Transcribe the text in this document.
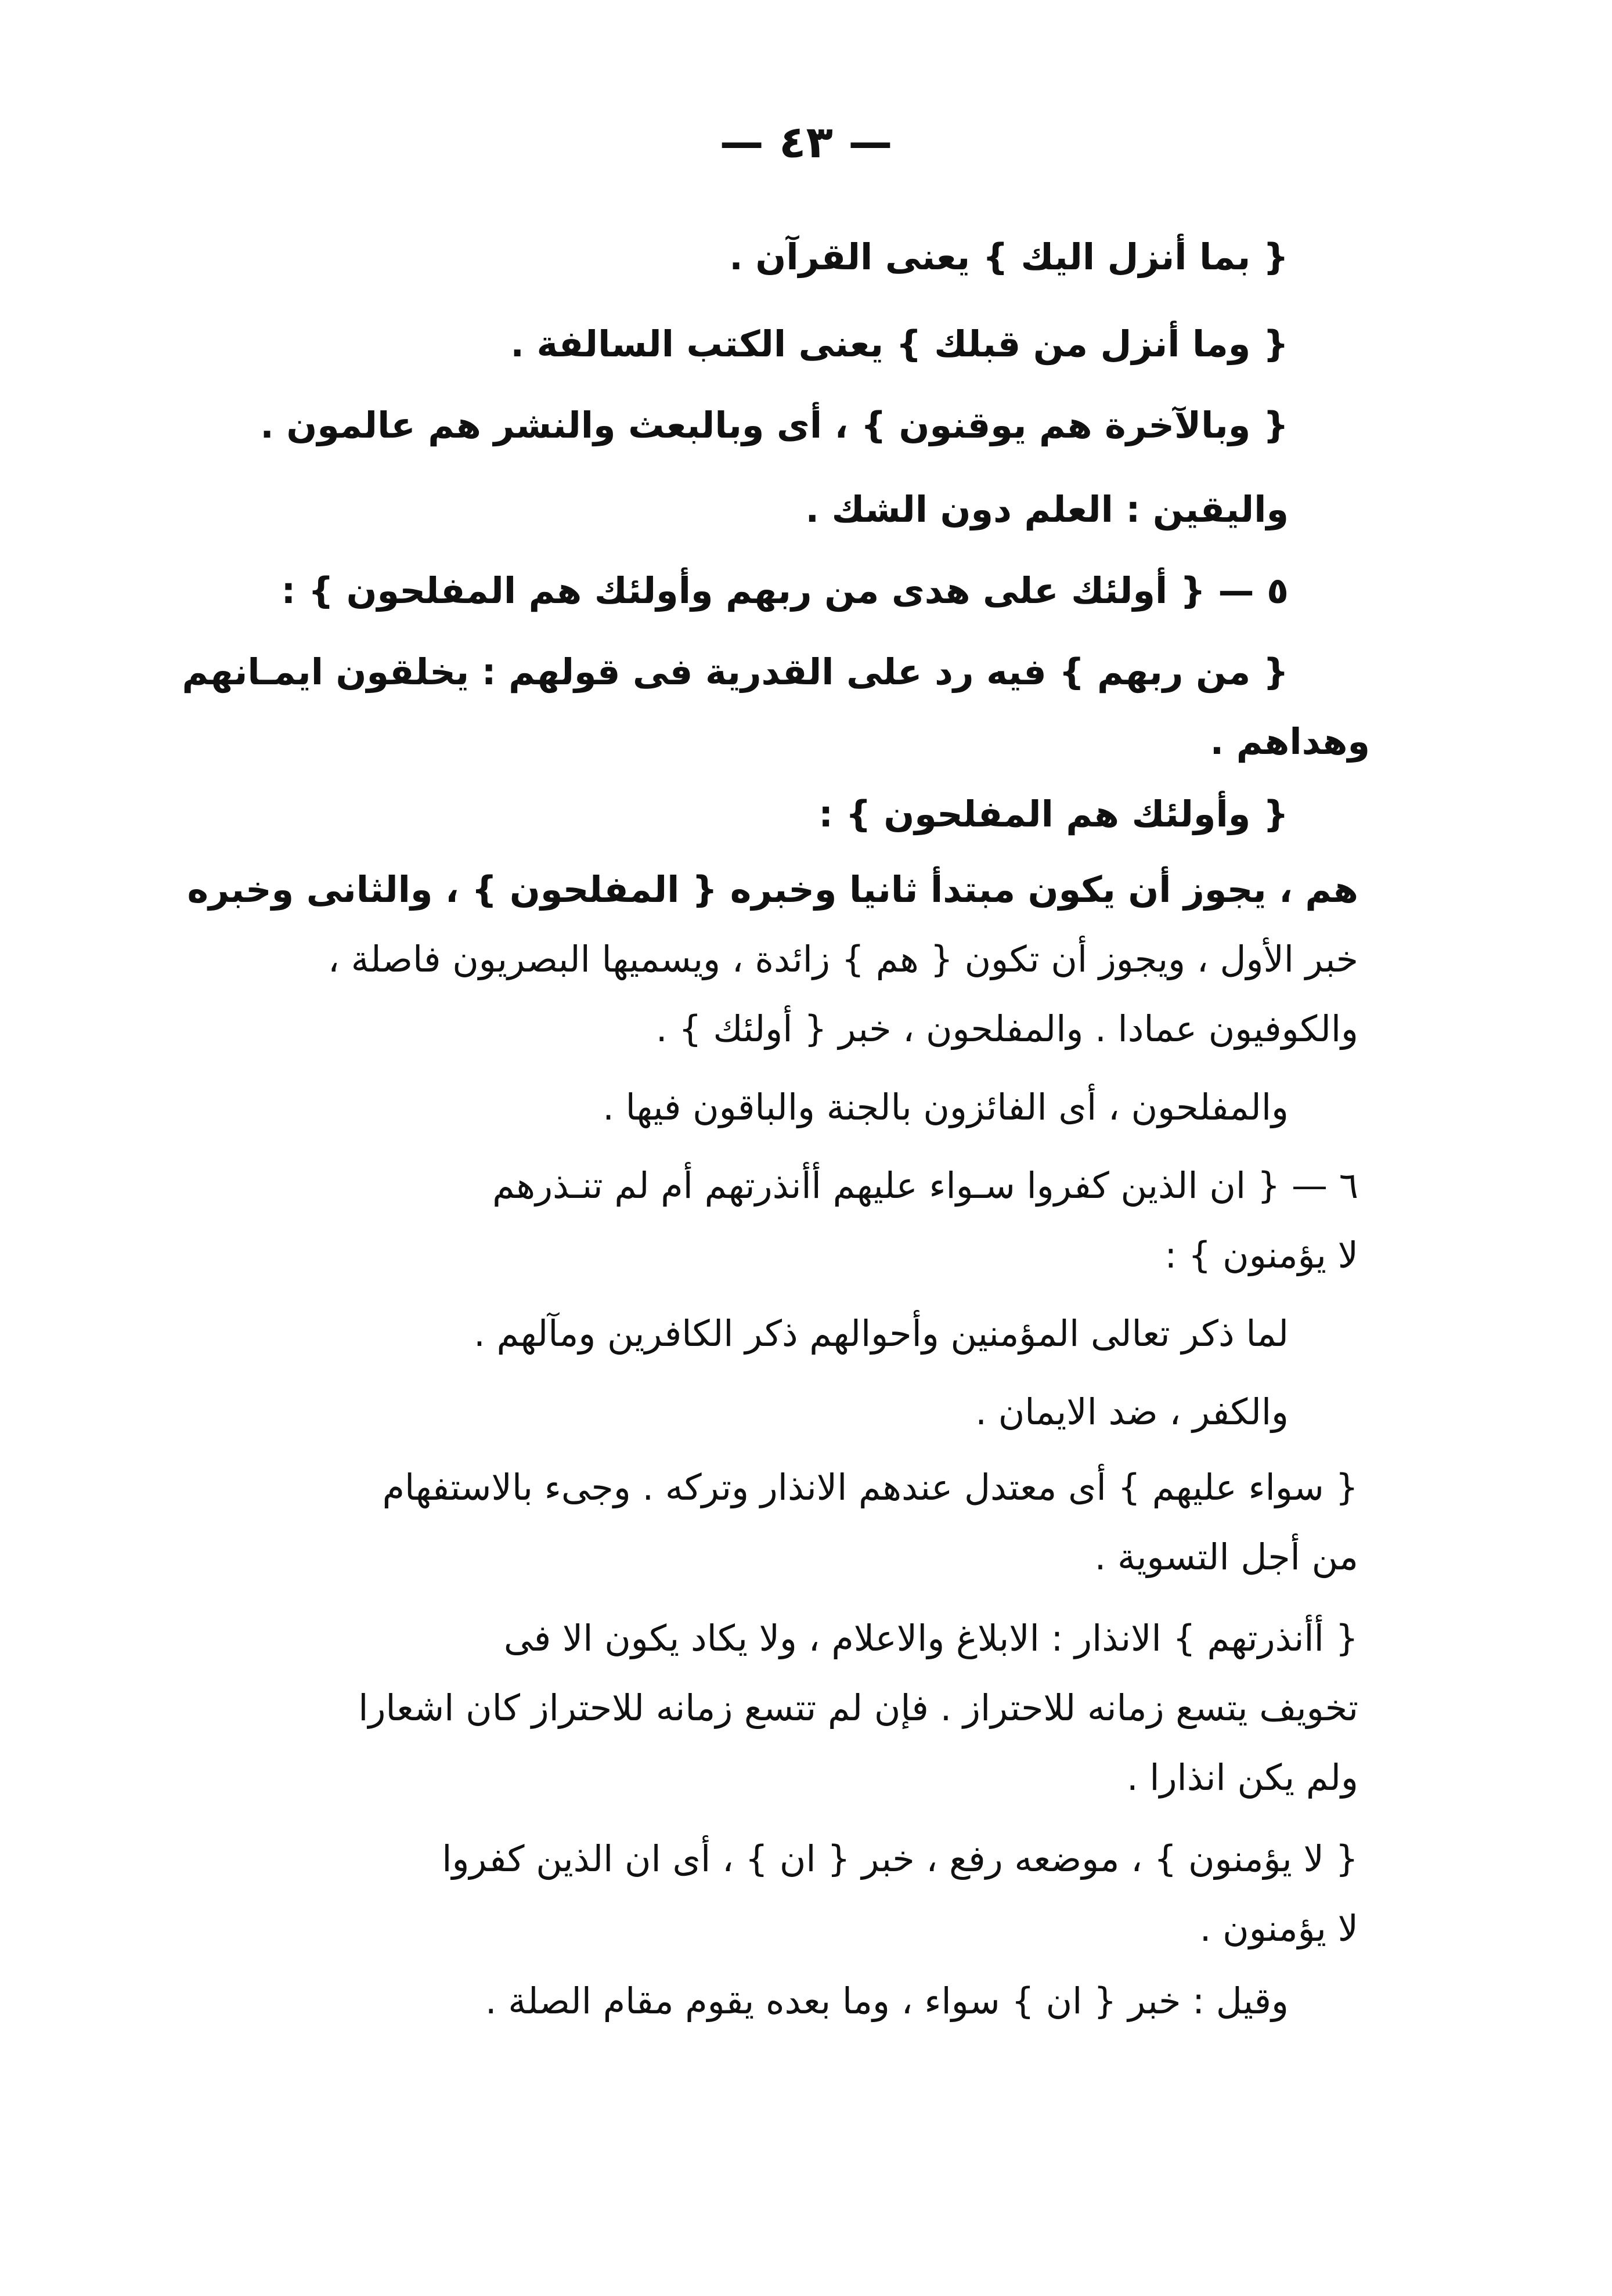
— ٤٣ —
{ بما أنزل اليك } يعنى القرآن .
{ وما أنزل من قبلك } يعنى الكتب السالفة .
{ وبالآخرة هم يوقنون } ، أى وبالبعث والنشر هم عالمون .
واليقين : العلم دون الشك .
٥ — { أولئك على هدى من ربهم وأولئك هم المفلحون } :
{ من ربهم } فيه رد على القدرية فى قولهم : يخلقون ايمـانهم
وهداهم .
{ وأولئك هم المفلحون } :
هم ، يجوز أن يكون مبتدأ ثانيا وخبره { المفلحون } ، والثانى وخبره
خبر الأول ، ويجوز أن تكون { هم } زائدة ، ويسميها البصريون فاصلة ،
والكوفيون عمادا . والمفلحون ، خبر { أولئك } .
والمفلحون ، أى الفائزون بالجنة والباقون فيها .
٦ — { ان الذين كفروا سـواء عليهم أأنذرتهم أم لم تنـذرهم
لا يؤمنون } :
لما ذكر تعالى المؤمنين وأحوالهم ذكر الكافرين ومآلهم .
والكفر ، ضد الايمان .
{ سواء عليهم } أى معتدل عندهم الانذار وتركه . وجىء بالاستفهام
من أجل التسوية .
{ أأنذرتهم } الانذار : الابلاغ والاعلام ، ولا يكاد يكون الا فى
تخويف يتسع زمانه للاحتراز . فإن لم تتسع زمانه للاحتراز كان اشعارا
ولم يكن انذارا .
{ لا يؤمنون } ، موضعه رفع ، خبر { ان } ، أى ان الذين كفروا
لا يؤمنون .
وقيل : خبر { ان } سواء ، وما بعده يقوم مقام الصلة .
